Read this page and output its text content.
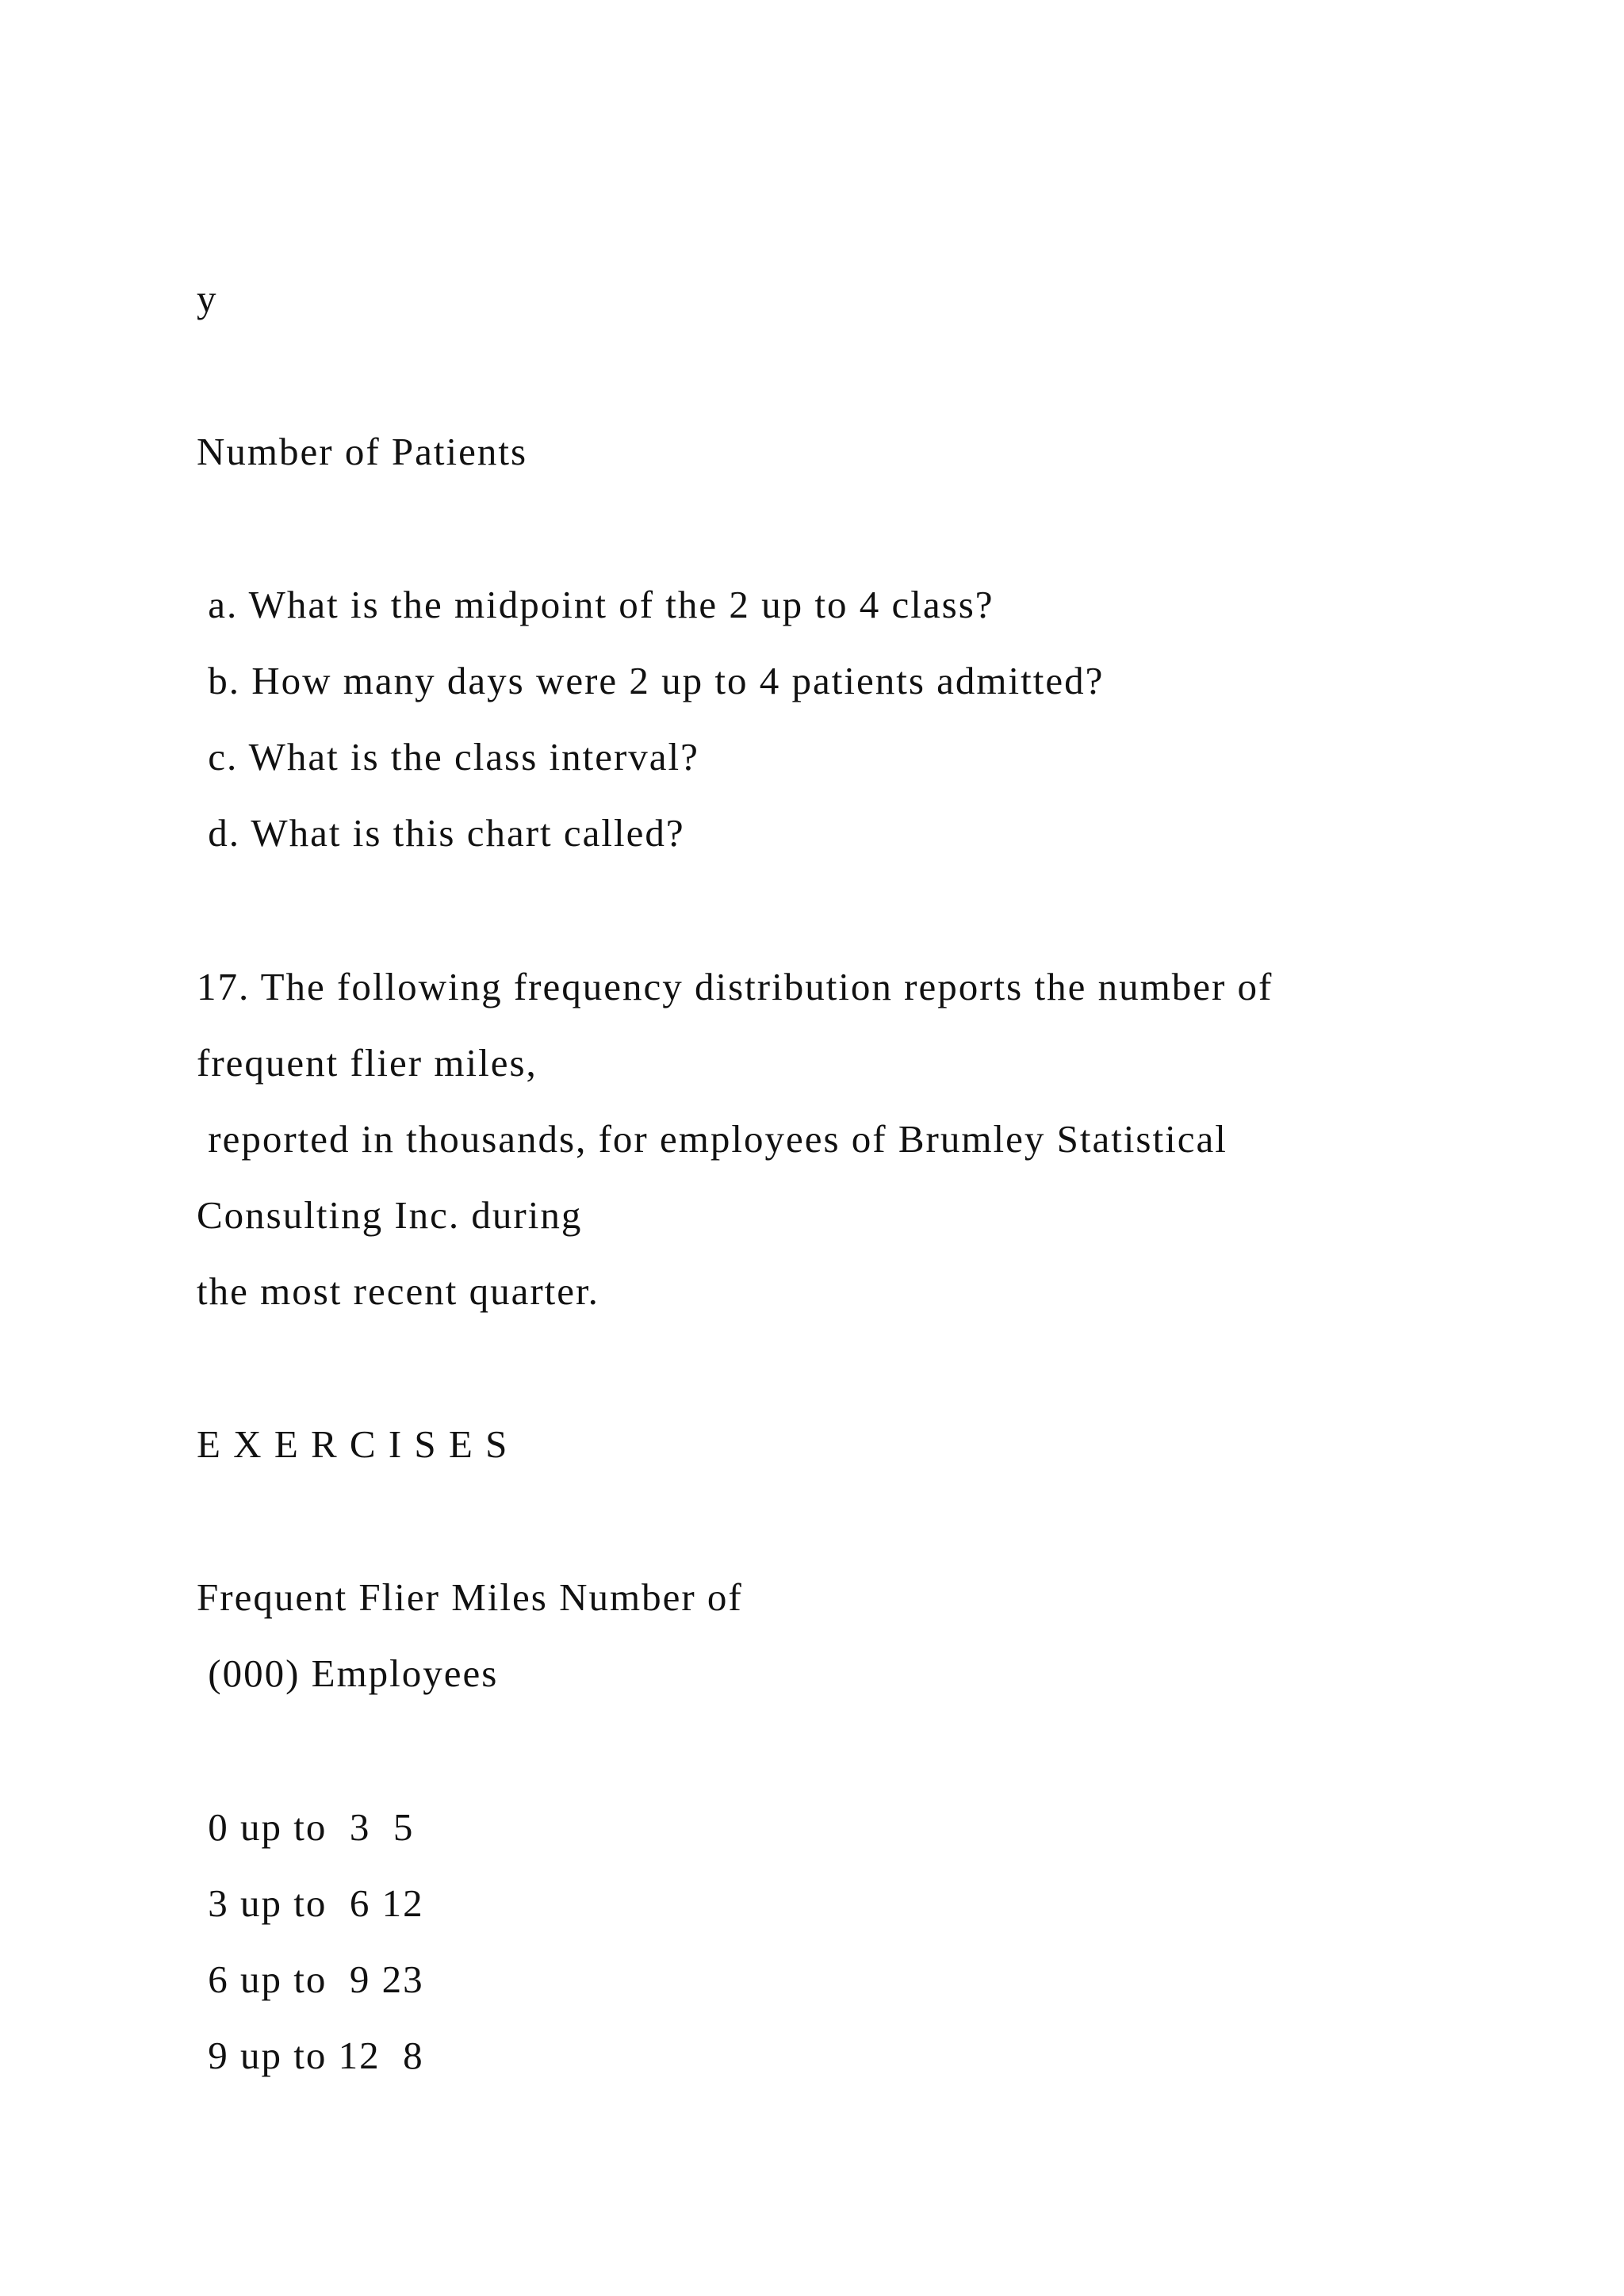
y
Number of Patients
a. What is the midpoint of the 2 up to 4 class?
b. How many days were 2 up to 4 patients admitted?
c. What is the class interval?
d. What is this chart called?
17. The following frequency distribution reports the number of
frequent flier miles,
reported in thousands, for employees of Brumley Statistical
Consulting Inc. during
the most recent quarter.
E X E R C I S E S
Frequent Flier Miles Number of
(000) Employees
0 up to  3  5
3 up to  6 12
6 up to  9 23
9 up to 12  8
